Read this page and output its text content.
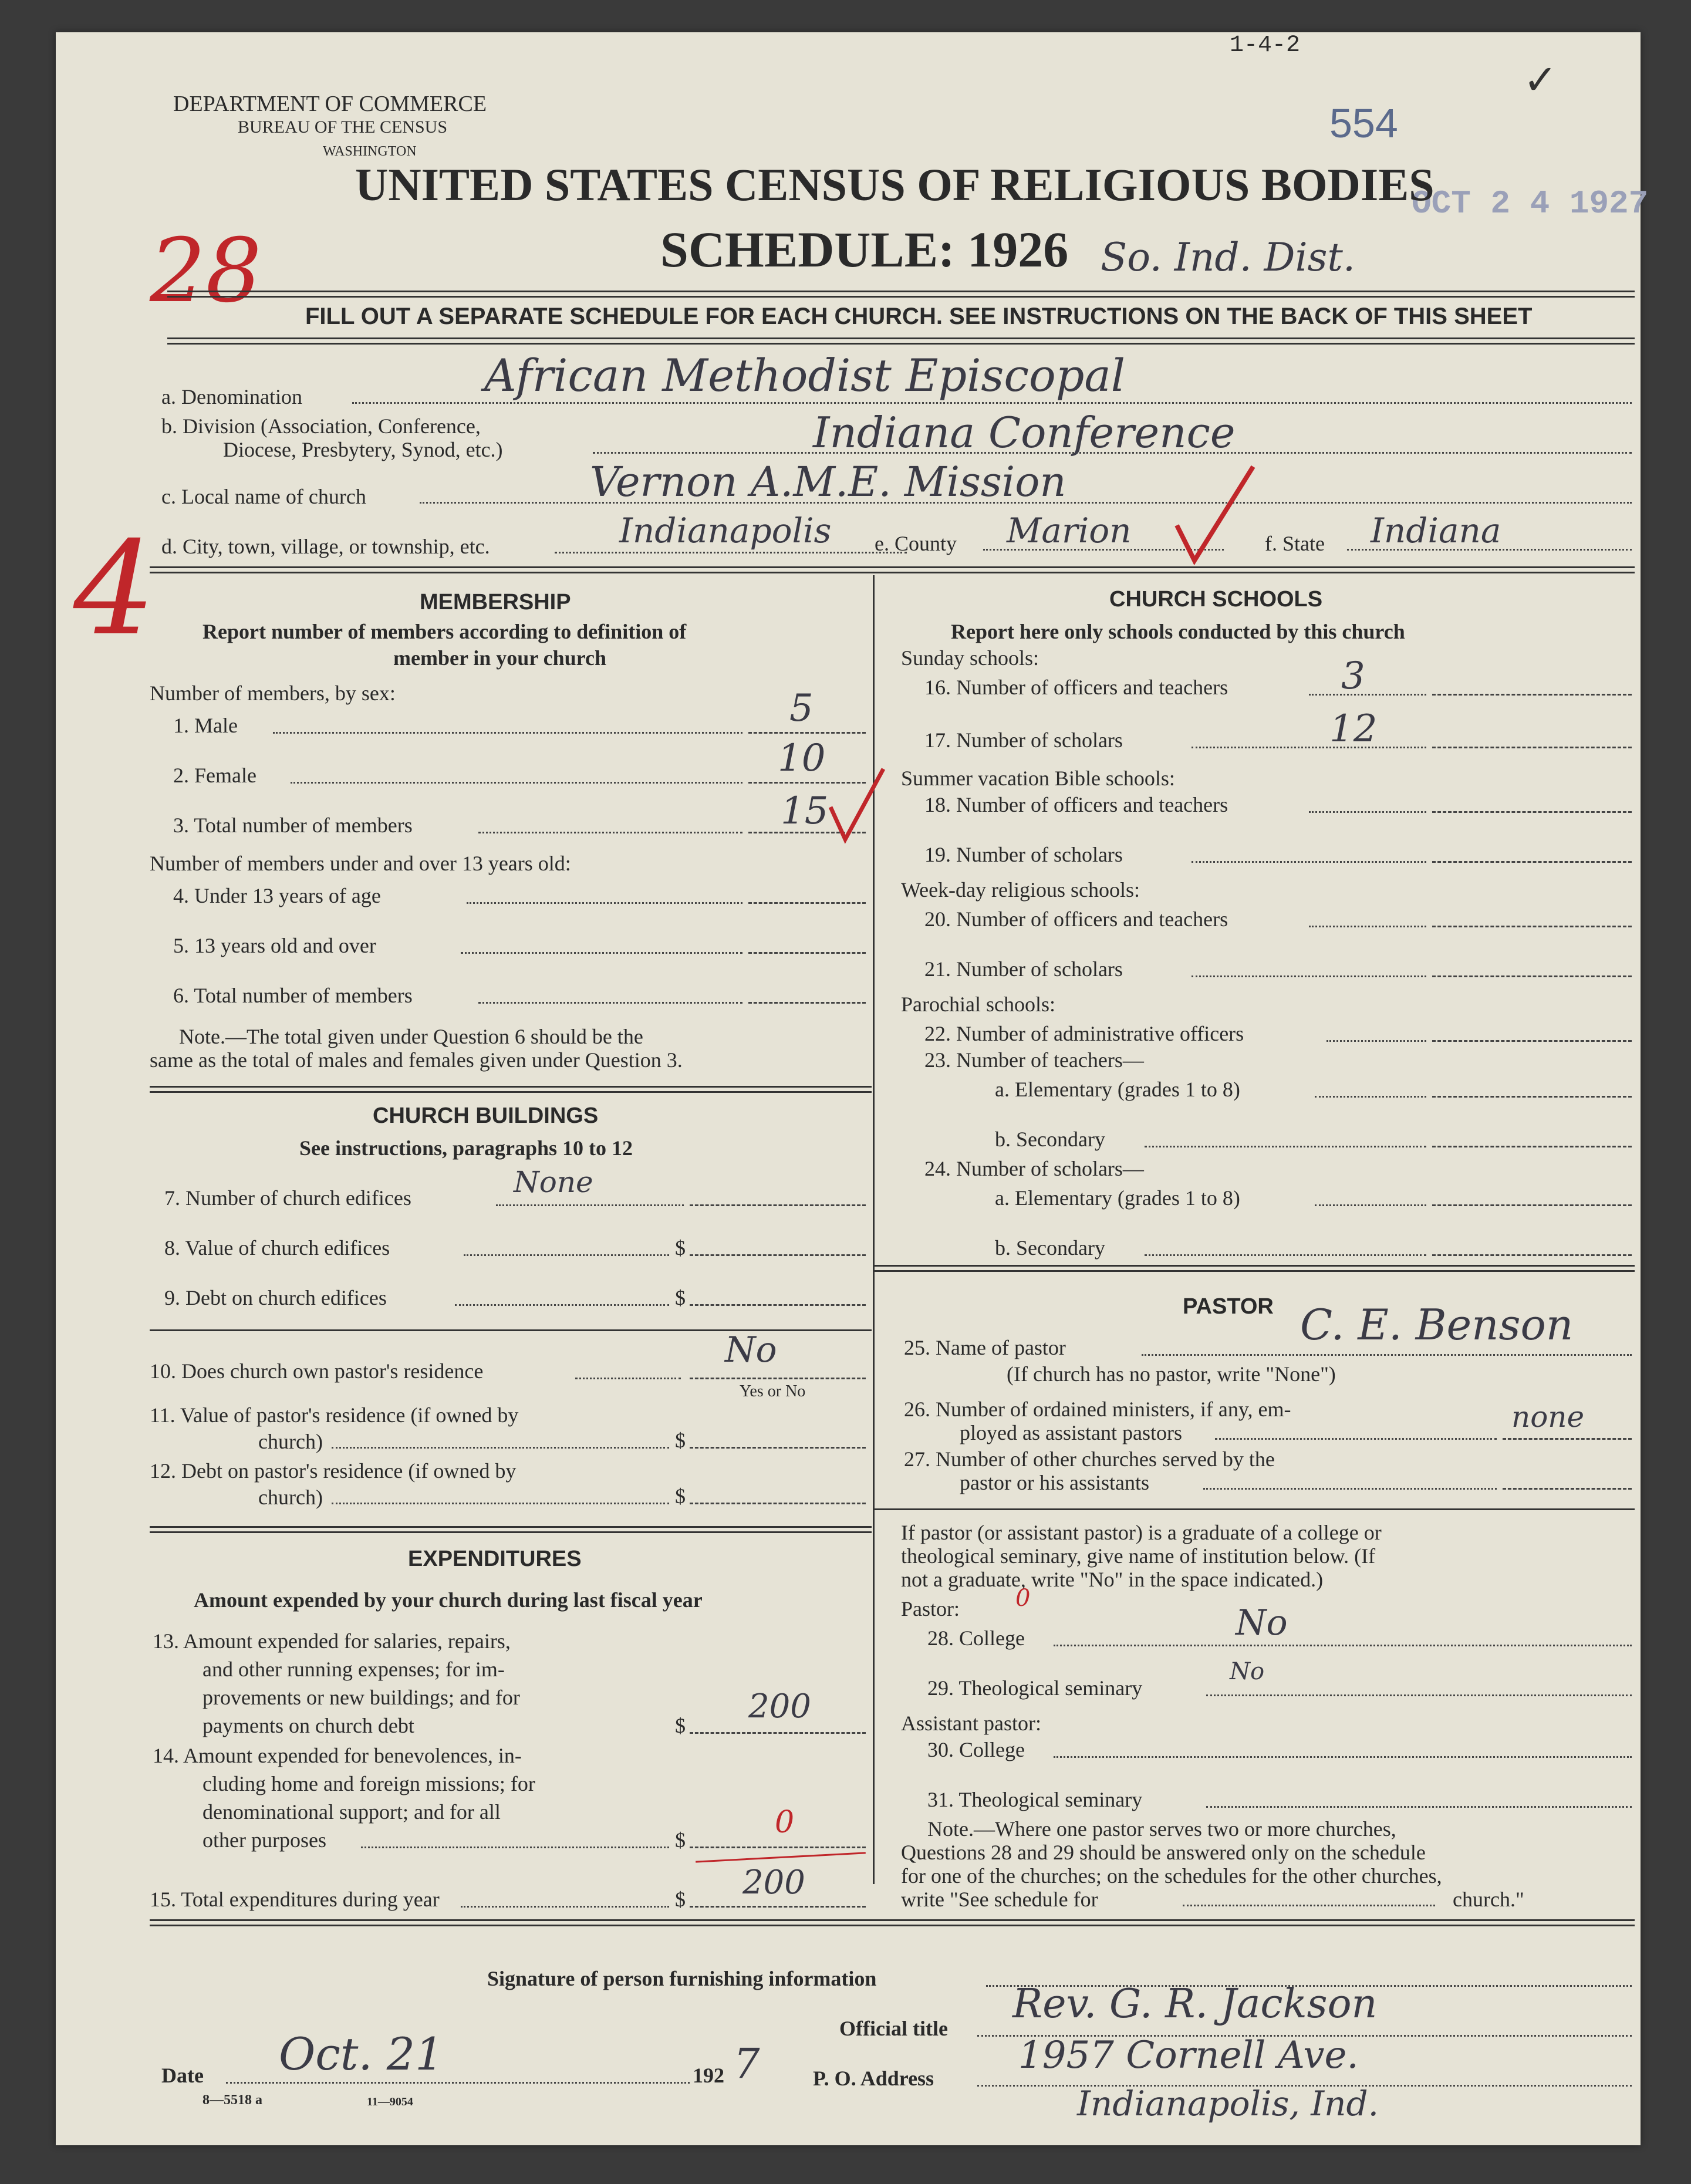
1-4-2
✓
554
OCT 2 4 1927
DEPARTMENT OF COMMERCE
BUREAU OF THE CENSUS
WASHINGTON
UNITED STATES CENSUS OF RELIGIOUS BODIES
SCHEDULE: 1926 So. Ind. Dist.
28 FILL OUT A SEPARATE SCHEDULE FOR EACH CHURCH. SEE INSTRUCTIONS ON THE BACK OF THIS SHEET
a. Denomination	African Methodist Episcopal
b. Division (Association, Conference,
Diocese, Presbytery, Synod, etc.)	Indiana Conference
c. Local name of church	Vernon A.M.E. Mission
d. City, town, village, or township, etc.	Indianapolis e. County Marion	f. State Indiana
4	MEMBERSHIP
Report number of members according to definition of
member in your church
Number of members, by sex:
1. Male	5
2. Female	10
3. Total number of members	15
Number of members under and over 13 years old:
4. Under 13 years of age
5. 13 years old and over
6. Total number of members
Note.—The total given under Question 6 should be the
same as the total of males and females given under Question 3.
CHURCH BUILDINGS
See instructions, paragraphs 10 to 12
7. Number of church edifices	None
8. Value of church edifices	$
9. Debt on church edifices	$
10. Does church own pastor's residence
No
Yes or No
11. Value of pastor's residence (if owned by
church)	$
12. Debt on pastor's residence (if owned by
church)	$
EXPENDITURES
Amount expended by your church during last fiscal year
13. Amount expended for salaries, repairs,
and other running expenses; for im-
provements or new buildings; and for
payments on church debt	$ 200
14. Amount expended for benevolences, in-
cluding home and foreign missions; for
denominational support; and for all
other purposes	$	0
15. Total expenditures during year	$ 200
CHURCH SCHOOLS
Report here only schools conducted by this church
Sunday schools:
16. Number of officers and teachers	3
17. Number of scholars	12
Summer vacation Bible schools:
18. Number of officers and teachers
19. Number of scholars
Week-day religious schools:
20. Number of officers and teachers
21. Number of scholars
Parochial schools:
22. Number of administrative officers
23. Number of teachers—
a. Elementary (grades 1 to 8)
b. Secondary
24. Number of scholars—
a. Elementary (grades 1 to 8)
b. Secondary
PASTOR
25. Name of pastor	C. E. Benson
(If church has no pastor, write "None")
26. Number of ordained ministers, if any, em-
ployed as assistant pastors	none
27. Number of other churches served by the
pastor or his assistants
If pastor (or assistant pastor) is a graduate of a college or
theological seminary, give name of institution below. (If
not a graduate, write "No" in the space indicated.)
Pastor: 0
28. College	No
29. Theological seminary
No
Assistant pastor:
30. College
31. Theological seminary
Note.—Where one pastor serves two or more churches,
Questions 28 and 29 should be answered only on the schedule
for one of the churches; on the schedules for the other churches,
write "See schedule for	church."
Signature of person furnishing information
Official title
Rev. G. R. Jackson
Date Oct. 21	192 7	P. O. Address
1957 Cornell Ave.
Indianapolis, Ind.
8—5518 a	11—9054
